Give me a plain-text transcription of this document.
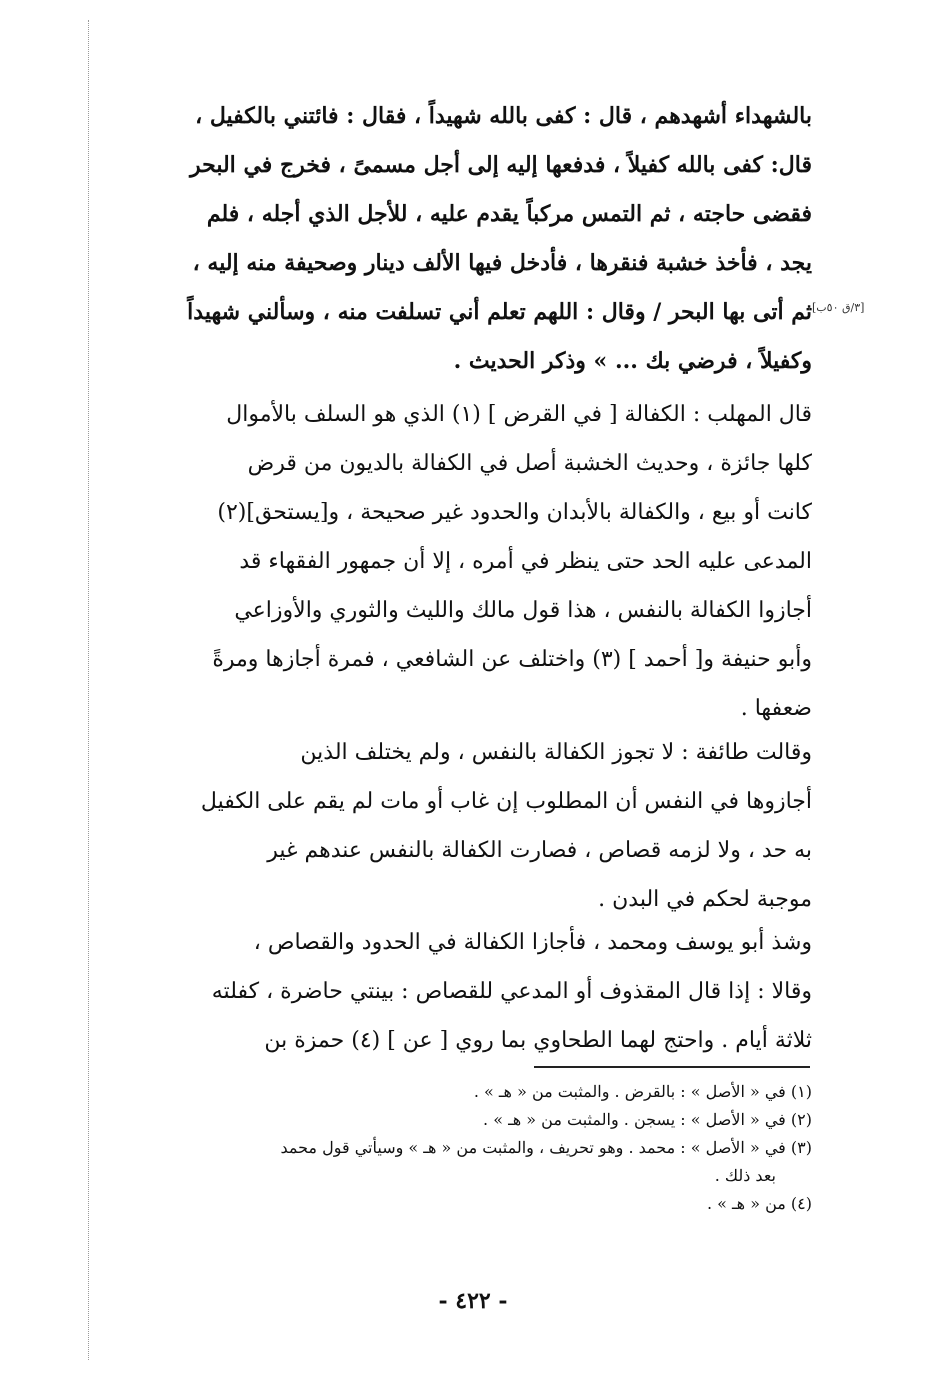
[٣/ق ٥٠ب]
بالشهداء أشهدهم ، قال : كفى بالله شهيداً ، فقال : فائتني بالكفيل ،
قال: كفى بالله كفيلاً ، فدفعها إليه إلى أجل مسمىً ، فخرج في البحر
فقضى حاجته ، ثم التمس مركباً يقدم عليه ، للأجل الذي أجله ، فلم
يجد ، فأخذ خشبة فنقرها ، فأدخل فيها الألف دينار وصحيفة منه إليه ،
ثم أتى بها البحر / وقال : اللهم تعلم أني تسلفت منه ، وسألني شهيداً
وكفيلاً ، فرضي بك ... » وذكر الحديث .
قال المهلب : الكفالة [ في القرض ] (١) الذي هو السلف بالأموال
كلها جائزة ، وحديث الخشبة أصل في الكفالة بالديون من قرض
كانت أو بيع ، والكفالة بالأبدان والحدود غير صحيحة ، و[يستحق](٢)
المدعى عليه الحد حتى ينظر في أمره ، إلا أن جمهور الفقهاء قد
أجازوا الكفالة بالنفس ، هذا قول مالك والليث والثوري والأوزاعي
وأبو حنيفة و[ أحمد ] (٣) واختلف عن الشافعي ، فمرة أجازها ومرةً
ضعفها .
وقالت طائفة : لا تجوز الكفالة بالنفس ، ولم يختلف الذين
أجازوها في النفس أن المطلوب إن غاب أو مات لم يقم على الكفيل
به حد ، ولا لزمه قصاص ، فصارت الكفالة بالنفس عندهم غير
موجبة لحكم في البدن .
وشذ أبو يوسف ومحمد ، فأجازا الكفالة في الحدود والقصاص ،
وقالا : إذا قال المقذوف أو المدعي للقصاص : بينتي حاضرة ، كفلته
ثلاثة أيام . واحتج لهما الطحاوي بما روي [ عن ] (٤) حمزة بن
(١) في « الأصل » : بالقرض . والمثبت من « هـ » .
(٢) في « الأصل » : يسجن . والمثبت من « هـ » .
(٣) في « الأصل » : محمد . وهو تحريف ، والمثبت من « هـ » وسيأتي قول محمد
بعد ذلك .
(٤) من « هـ » .
- ٤٢٢ -
